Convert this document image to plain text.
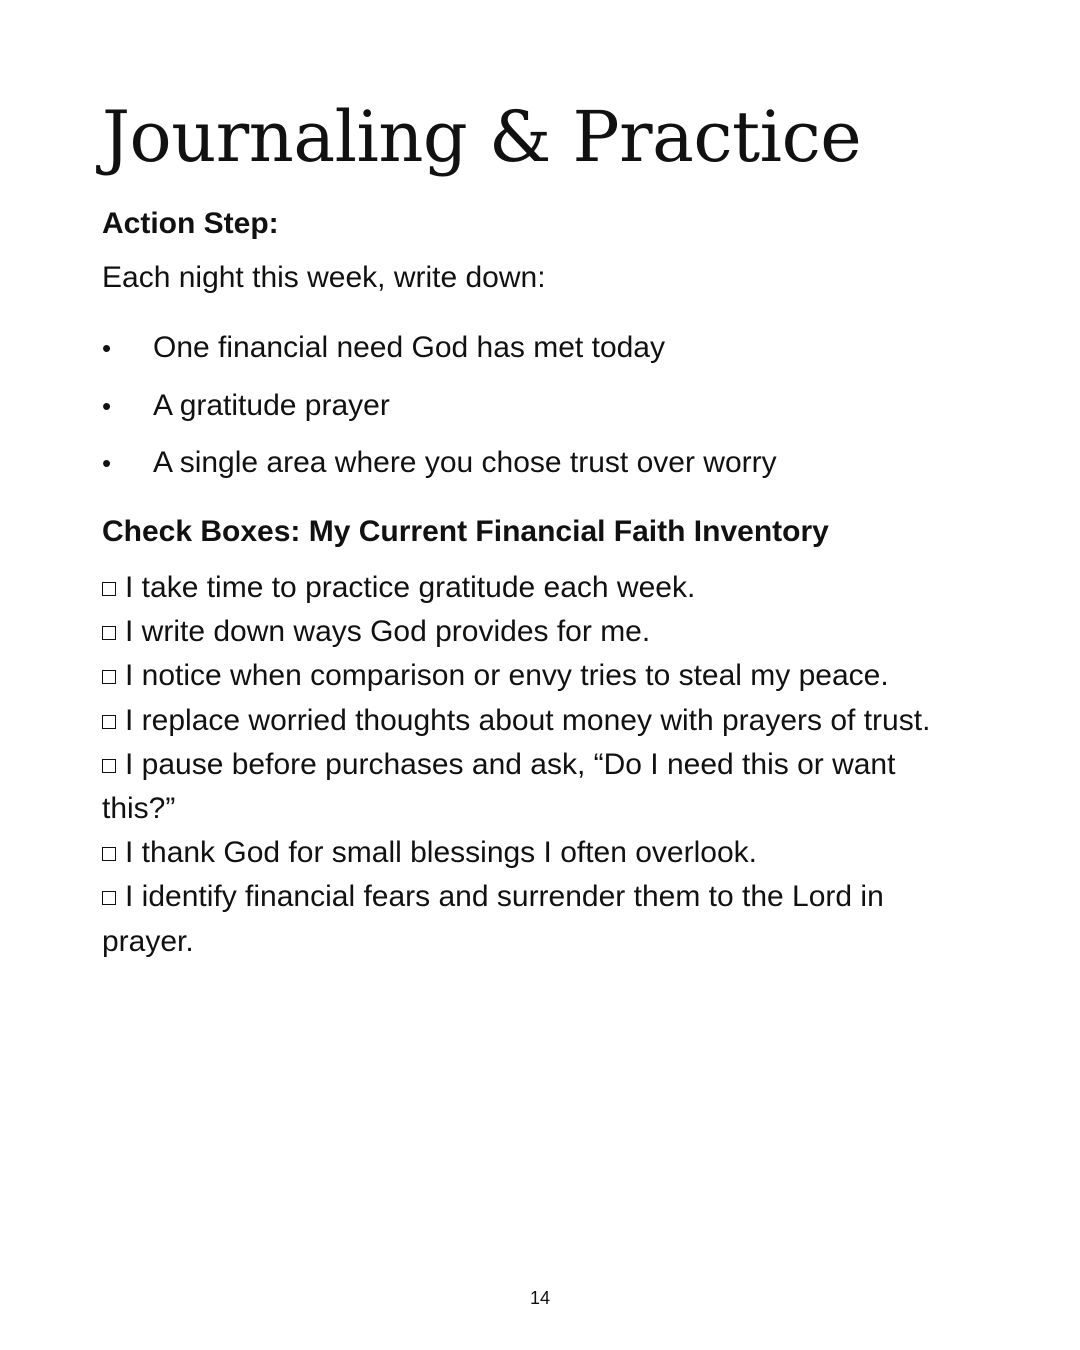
Journaling & Practice
Action Step:

Each night this week, write down:

•	One financial need God has met today
•	A gratitude prayer
•	A single area where you chose trust over worry
Check Boxes: My Current Financial Faith Inventory
I take time to practice gratitude each week.
I write down ways God provides for me.
I notice when comparison or envy tries to steal my peace.
I replace worried thoughts about money with prayers of trust.
I pause before purchases and ask, “Do I need this or want this?”
I thank God for small blessings I often overlook.
I identify financial fears and surrender them to the Lord in prayer.
14
